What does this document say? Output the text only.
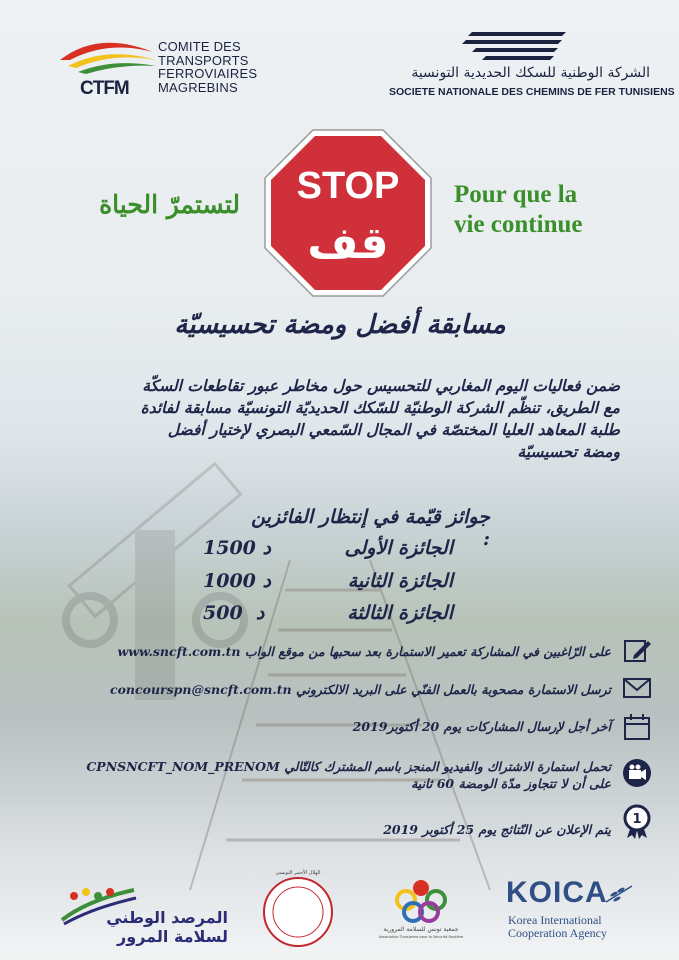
CTFM
COMITE DES
TRANSPORTS
FERROVIAIRES
MAGREBINS
الشركة الوطنية للسكك الحديدية التونسية
SOCIETE NATIONALE DES CHEMINS DE FER TUNISIENS
STOP
قف
Pour que la
vie continue
لتستمرّ الحياة
مسابقة أفضل ومضة تحسيسيّة
ضمن فعاليات اليوم المغاربي للتحسيس حول مخاطر عبور تقاطعات السكّة
مع الطريق، تنظّم الشركة الوطنيّة للسّكك الحديديّة التونسيّة مسابقة لفائدة
طلبة المعاهد العليا المختصّة في المجال السّمعي البصري لإختيار أفضل
ومضة تحسيسيّة
جوائز قيّمة في إنتظار الفائزين :
الجائزة الأولى
1500 د
الجائزة الثانية
1000 د
الجائزة الثالثة
500  د
على الرّاغبين في المشاركة تعمير الاستمارة بعد سحبها من موقع الواب www.sncft.com.tn
ترسل الاستمارة مصحوبة بالعمل الفنّي على البريد الالكتروني concourspn@sncft.com.tn
آخر أجل لإرسال المشاركات يوم 20 أكتوبر2019
تحمل استمارة الاشتراك والفيديو المنجز باسم المشترك كالتّالي CPNSNCFT_NOM_PRENOM
على أن لا تتجاوز مدّة الومضة 60 ثانية
1
يتم الإعلان عن النّتائج يوم 25 أكتوبر 2019
المرصد الوطني لسلامة المرور
الهلال الأحمر التونسي
جمعية تونس للسلامة المرورية
Association Tunisienne pour la Sécurité Routière
KOICA
Korea International
Cooperation Agency
